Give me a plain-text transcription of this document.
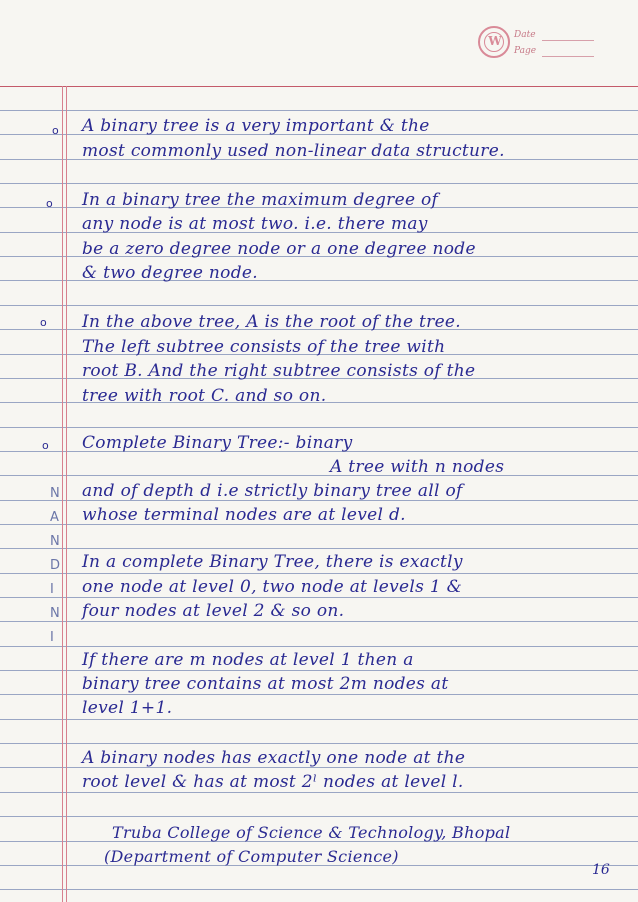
W	Date
Page
o A binary tree is a very important & the
most commonly used non-linear data structure.
o In a binary tree the maximum degree of
any node is at most two. i.e. there may
be a zero degree node or a one degree node
& two degree node.
o In the above tree, A is the root of the tree.
The left subtree consists of the tree with
root B. And the right subtree consists of the
tree with root C. and so on.
o Complete Binary Tree:- binary
A tree with n nodes
and of depth d i.e strictly binary tree all of
whose terminal nodes are at level d.
In a complete Binary Tree, there is exactly
one node at level 0, two node at levels 1 &
four nodes at level 2 & so on.
If there are m nodes at level 1 then a
binary tree contains at most 2m nodes at
level 1+1.
A binary nodes has exactly one node at the
root level & has at most 2ˡ nodes at level l.
N
A
N
D
I
N
I
Truba College of Science & Technology, Bhopal
(Department of Computer Science)
16
